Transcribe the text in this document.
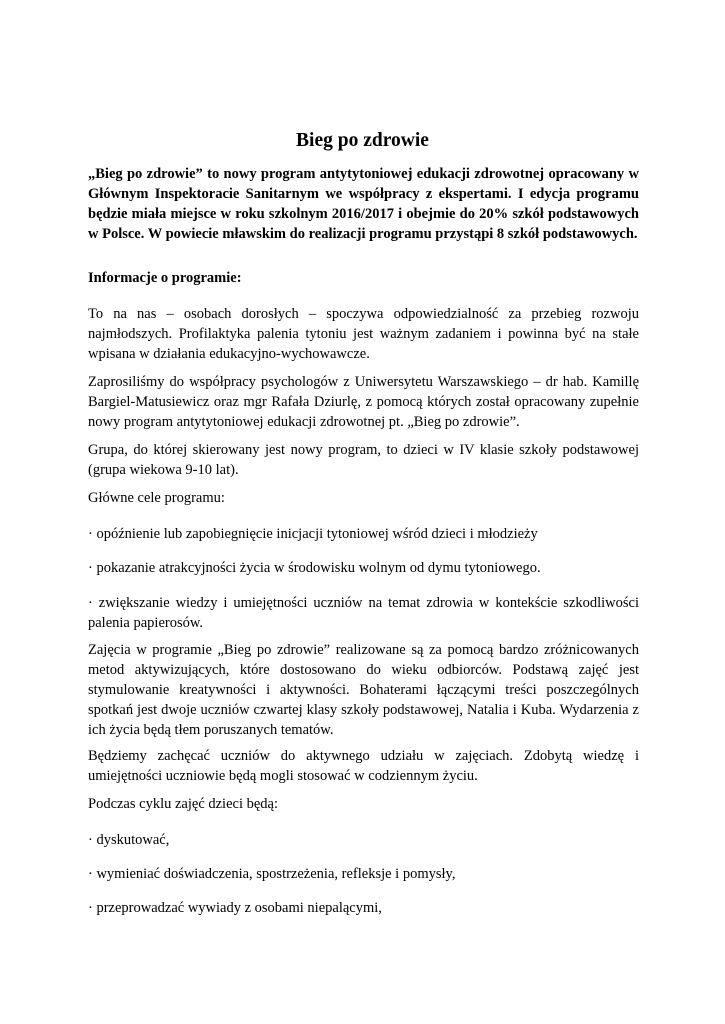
Bieg po zdrowie

„Bieg po zdrowie” to nowy program antytytoniowej edukacji zdrowotnej opracowany w Głównym Inspektoracie Sanitarnym we współpracy z ekspertami. I edycja programu będzie miała miejsce w roku szkolnym 2016/2017 i obejmie do 20% szkół podstawowych w Polsce. W powiecie mławskim do realizacji programu przystąpi 8 szkół podstawowych.

Informacje o programie:

To na nas – osobach dorosłych – spoczywa odpowiedzialność za przebieg rozwoju najmłodszych. Profilaktyka palenia tytoniu jest ważnym zadaniem i powinna być na stałe wpisana w działania edukacyjno-wychowawcze.

Zaprosiliśmy do współpracy psychologów z Uniwersytetu Warszawskiego – dr hab. Kamillę Bargiel-Matusiewicz oraz mgr Rafała Dziurlę, z pomocą których został opracowany zupełnie nowy program antytytoniowej edukacji zdrowotnej pt. „Bieg po zdrowie”.

Grupa, do której skierowany jest nowy program, to dzieci w IV klasie szkoły podstawowej (grupa wiekowa 9-10 lat).

Główne cele programu:

· opóźnienie lub zapobiegnięcie inicjacji tytoniowej wśród dzieci i młodzieży

· pokazanie atrakcyjności życia w środowisku wolnym od dymu tytoniowego.

· zwiększanie wiedzy i umiejętności uczniów na temat zdrowia w kontekście szkodliwości palenia papierosów.

Zajęcia w programie „Bieg po zdrowie” realizowane są za pomocą bardzo zróżnicowanych metod aktywizujących, które dostosowano do wieku odbiorców. Podstawą zajęć jest stymulowanie kreatywności i aktywności. Bohaterami łączącymi treści poszczególnych spotkań jest dwoje uczniów czwartej klasy szkoły podstawowej, Natalia i Kuba. Wydarzenia z ich życia będą tłem poruszanych tematów.

Będziemy zachęcać uczniów do aktywnego udziału w zajęciach. Zdobytą wiedzę i umiejętności uczniowie będą mogli stosować w codziennym życiu.

Podczas cyklu zajęć dzieci będą:

· dyskutować,

· wymieniać doświadczenia, spostrzeżenia, refleksje i pomysły,

· przeprowadzać wywiady z osobami niepalącymi,
